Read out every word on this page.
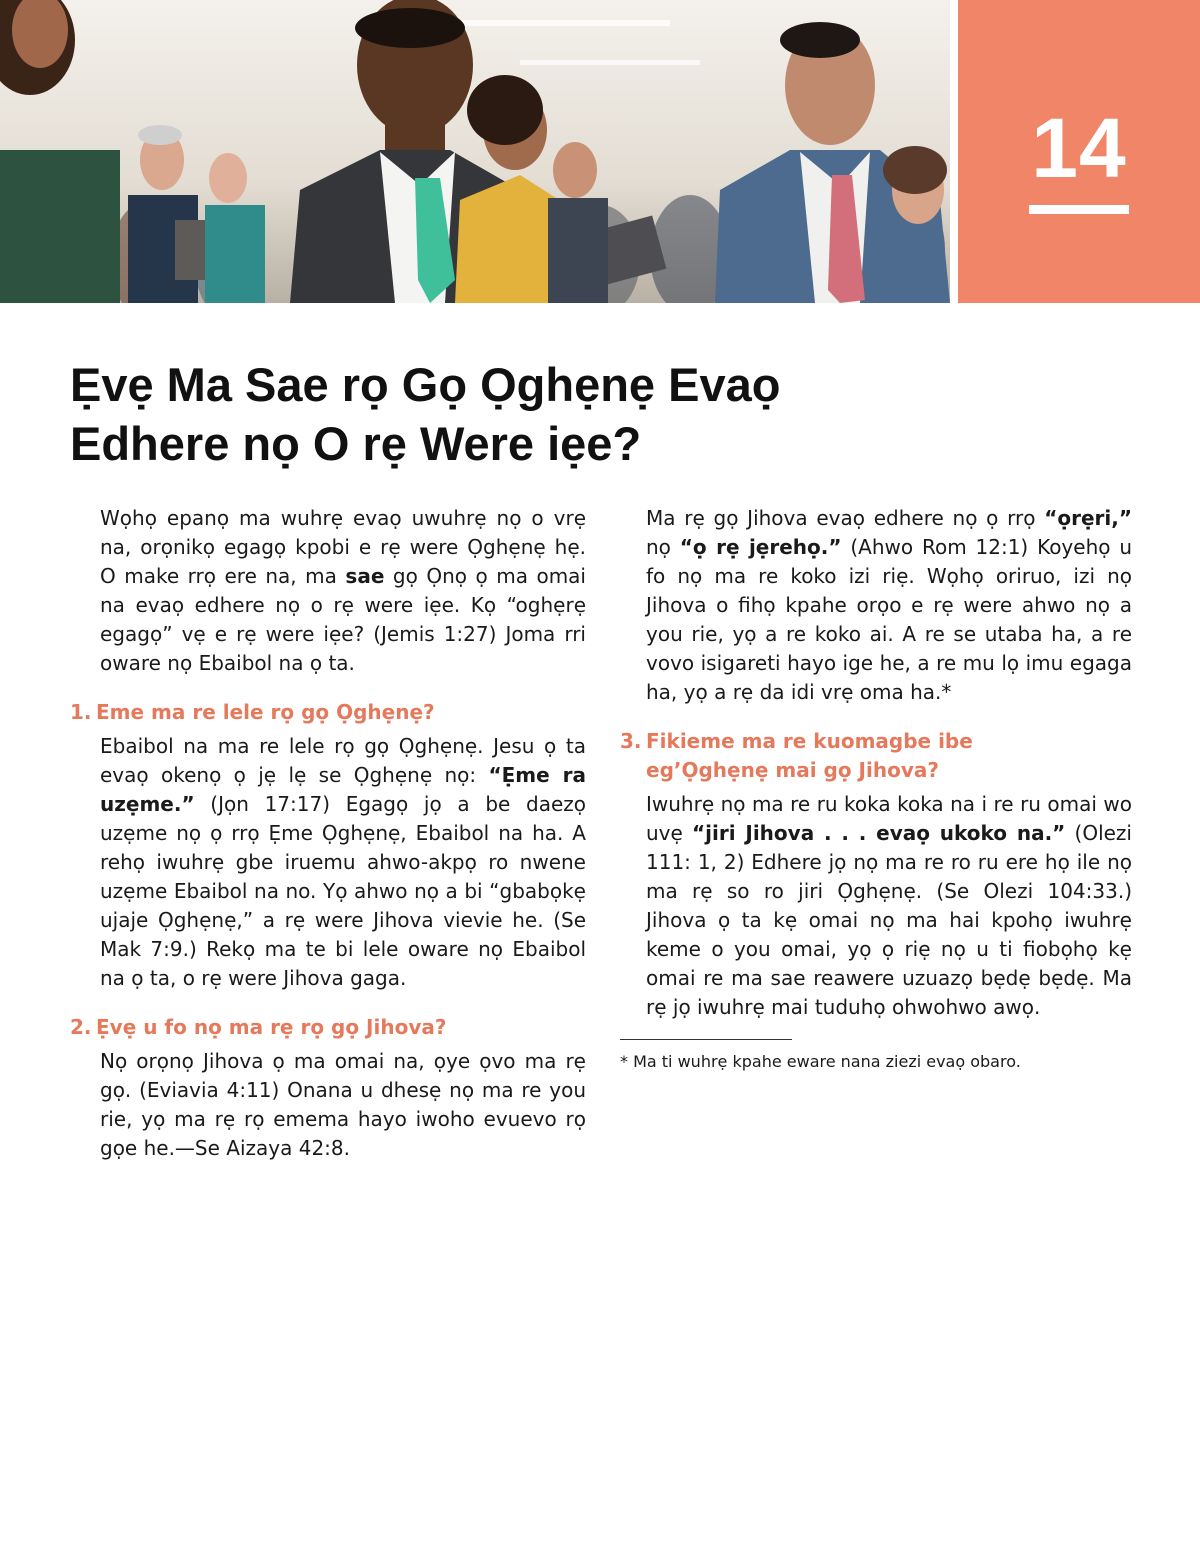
14
Ẹvẹ Ma Sae rọ Gọ Ọghẹnẹ Evaọ
Edhere nọ O rẹ Were iẹe?

Wọhọ epanọ ma wuhrẹ evaọ uwuhrẹ nọ o vrẹ na, orọnikọ egagọ kpobi e rẹ were Ọghẹnẹ hẹ. O make rrọ ere na, ma sae gọ Ọnọ ọ ma omai na evaọ edhere nọ o rẹ were iẹe. Kọ “oghẹrẹ egagọ” vẹ e rẹ were iẹe? (Jemis 1:27) Joma rri oware nọ Ebaibol na ọ ta.

1. Eme ma re lele rọ gọ Ọghẹnẹ?

Ebaibol na ma re lele rọ gọ Ọghẹnẹ. Jesu ọ ta evaọ okenọ ọ jẹ lẹ se Ọghẹnẹ nọ: “Ẹme ra uzẹme.” (Jọn 17:17) Egagọ jọ a be daezọ uzẹme nọ ọ rrọ Ẹme Ọghẹnẹ, Ebaibol na ha. A rehọ iwuhrẹ gbe iruemu ahwo-akpọ ro nwene uzẹme Ebaibol na no. Yọ ahwo nọ a bi “gbabọkẹ ujaje Ọghẹnẹ,” a rẹ were Jihova vievie he. (Se Mak 7:9.) Rekọ ma te bi lele oware nọ Ebaibol na ọ ta, o rẹ were Jihova gaga.

2. Ẹvẹ u fo nọ ma rẹ rọ gọ Jihova?

Nọ orọnọ Jihova ọ ma omai na, ọye ọvo ma rẹ gọ. (Eviavia 4:11) Onana u dhesẹ nọ ma re you rie, yọ ma rẹ rọ emema hayo iwoho evuevo rọ gọe he.—Se Aizaya 42:8.

Ma rẹ gọ Jihova evaọ edhere nọ ọ rrọ “ọrẹri,” nọ “ọ rẹ jẹrehọ.” (Ahwo Rom 12:1) Koyehọ u fo nọ ma re koko izi riẹ. Wọhọ oriruo, izi nọ Jihova o fihọ kpahe orọo e rẹ were ahwo nọ a you rie, yọ a re koko ai. A re se utaba ha, a re vovo isigareti hayo ige he, a re mu lọ imu egaga ha, yọ a rẹ da idi vrẹ oma ha.*

3. Fikieme ma re kuomagbe ibe
eg’Ọghẹnẹ mai gọ Jihova?

Iwuhrẹ nọ ma re ru koka koka na i re ru omai wo uvẹ “jiri Jihova . . . evaọ ukoko na.” (Olezi 111: 1, 2) Edhere jọ nọ ma re ro ru ere họ ile nọ ma rẹ so ro jiri Ọghẹnẹ. (Se Olezi 104:33.) Jihova ọ ta kẹ omai nọ ma hai kpohọ iwuhrẹ keme o you omai, yọ ọ riẹ nọ u ti fiobọhọ kẹ omai re ma sae reawere uzuazọ bẹdẹ bẹdẹ. Ma rẹ jọ iwuhrẹ mai tuduhọ ohwohwo awọ.

* Ma ti wuhrẹ kpahe eware nana ziezi evaọ obaro.
